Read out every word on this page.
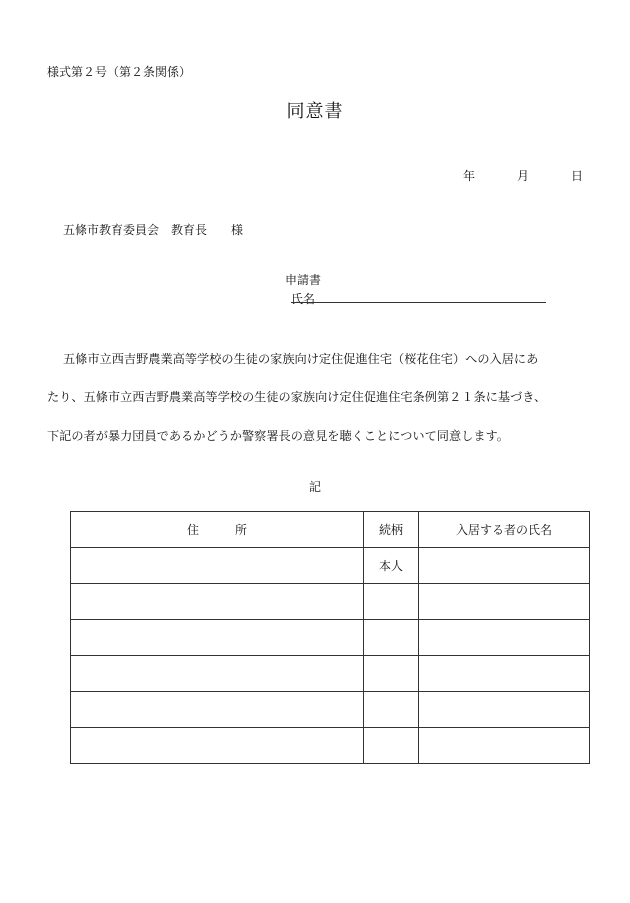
様式第２号（第２条関係）
同意書
年	月	日
五條市教育委員会　教育長　　様
申請書
氏名
五條市立西吉野農業高等学校の生徒の家族向け定住促進住宅（桜花住宅）への入居にあ
たり、五條市立西吉野農業高等学校の生徒の家族向け定住促進住宅条例第２１条に基づき、
下記の者が暴力団員であるかどうか警察署長の意見を聴くことについて同意します。
記
住　　　所	続柄	入居する者の氏名
	本人	
